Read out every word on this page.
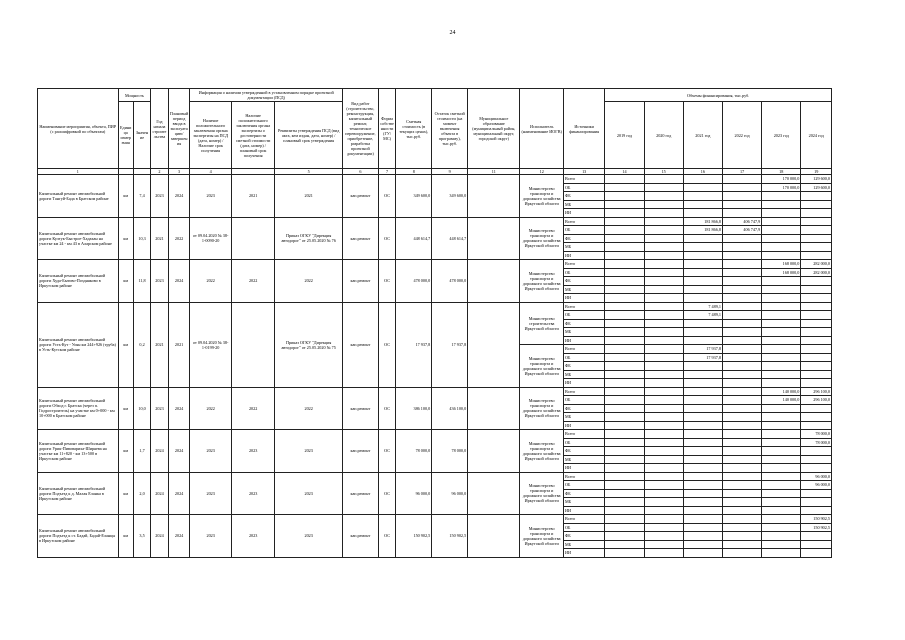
24
Наименование мероприятия, объекта, ПИР (с расшифровкой по объектам)	Мощность		Год начала строительства	Плановый период ввода в эксплуатацию/завершения	Информация о наличии утвержденной в установленном порядке проектной документации (ПСД)			Вид работ (строительство, реконструкция, капитальный ремонт, техническое перевооружение, приобретение, разработка проектной документации)	Форма собственности (ГУ/МС)	Сметная стоимость (в текущих ценах), тыс.руб.	Остаток сметной стоимости (на момент включения объекта в программу), тыс.руб.	Муниципальное образование (муниципальный район, муниципальный округ, городской округ)	Исполнитель (наименование ИОГВ)	Источники финансирования	Объемы финансирования, тыс.руб.					
	Единица измерения	Значение			Наличие положительного заключения органа экспертизы на ПСД (дата, номер) / Наличие срок получения	Наличие положительного заключения органа экспертизы о достоверности сметной стоимости (дата, номер) / плановый срок получения	Реквизиты утверждения ПСД (вид акта, кем издан, дата, номер) / плановый срок утверждения								2019 год	2020 год	2021 год	2022 год	2023 год	2024 год
1			2	3	4		5	6	7	8	9	11	12	13	14	15	16	17	18	19
Капитальный ремонт автомобильной дороги Тангуй-Бада в Братском районе	км	7,4	2023	2024	2023	2021	2021	кап.ремонт	ОС	349 600,0	349 600,0		Министерство транспорта и дорожного хозяйства Иркутской области	Всего					170 000,0	129 600,0
														ОБ					170 000,0	129 600,0
														ФБ						
														МБ						
														ИИ						
Капитальный ремонт автомобильной дороги Култук-Быстрое-Хадахан на участке км 24 - км 43 в Аларском районе	км	10,3	2021	2022	от 09.04.2020 № 38-1-0090-20		Приказ ОГКУ "Дирекция автодорог" от 25.05.2020 № 76	кап.ремонт	ОС	448 614,7	448 614,7		Министерство транспорта и дорожного хозяйства Иркутской области	Всего			181 866,8	406 747,9		
														ОБ			181 866,8	406 747,9		
														ФБ						
														МБ						
														ИИ						
Капитальный ремонт автомобильной дороги Худа-Бытово-Поздняково в Иркутском районе	км	11,8	2023	2024	2022	2022	2022	кап.ремонт	ОС	478 000,0	478 000,0		Министерство транспорта и дорожного хозяйства Иркутской области	Всего					168 000,0	282 000,0
														ОБ					168 000,0	282 000,0
														ФБ						
														МБ						
														ИИ						
Капитальный ремонт автомобильной дороги Усть-Кут - Уоян км 244+926 (труба) в Усть-Кутском районе	км	0,2	2021	2021	от 09.04.2020 № 38-1-0199-20		Приказ ОГКУ "Дирекция автодорог" от 25.05.2020 № 75	кап.ремонт	ОС	17 937,8	17 937,8		Министерство строительства Иркутской области	Всего			7 489,1			
														ОБ			7 489,1			
														ФБ						
														МБ						
														ИИ						
													Министерство транспорта и дорожного хозяйства Иркутской области	Всего			17 937,8			
														ОБ			17 937,8			
														ФБ						
														МБ						
														ИИ						
Капитальный ремонт автомобильной дороги Обход г. Братска (через п. Гидростроитель) на участке км 0+000 - км 10+000 в Братском районе	км	10,0	2023	2024	2022	2022	2022	кап.ремонт	ОС	386 100,0	436 100,0		Министерство транспорта и дорожного хозяйства Иркутской области	Всего					140 000,0	296 100,0
														ОБ					140 000,0	296 100,0
														ФБ						
														МБ						
														ИИ						
Капитальный ремонт автомобильной дороги Урик-Пивовариха-Ширяева на участке км 11+820 - км 13+500 в Иркутском районе	км	1,7	2024	2024	2023	2023	2023	кап.ремонт	ОС	78 000,0	78 000,0		Министерство транспорта и дорожного хозяйства Иркутской области	Всего						78 000,0
														ОБ						78 000,0
														ФБ						
														МБ						
														ИИ						
Капитальный ремонт автомобильной дороги Подъезд к д. Малая Еланка в Иркутском районе	км	2,0	2024	2024	2023	2023	2023	кап.ремонт	ОС	96 000,0	96 000,0		Министерство транспорта и дорожного хозяйства Иркутской области	Всего						96 000,0
														ОБ						96 000,0
														ФБ						
														МБ						
														ИИ						
Капитальный ремонт автомобильной дороги Подъезд к ст. Бадай, Бадай-Еланцы в Иркутском районе	км	3,5	2024	2024	2023	2023	2023	кап.ремонт	ОС	150 902,5	150 902,5		Министерство транспорта и дорожного хозяйства Иркутской области	Всего						150 902,5
														ОБ						150 902,5
														ФБ						
														МБ						
														ИИ						
